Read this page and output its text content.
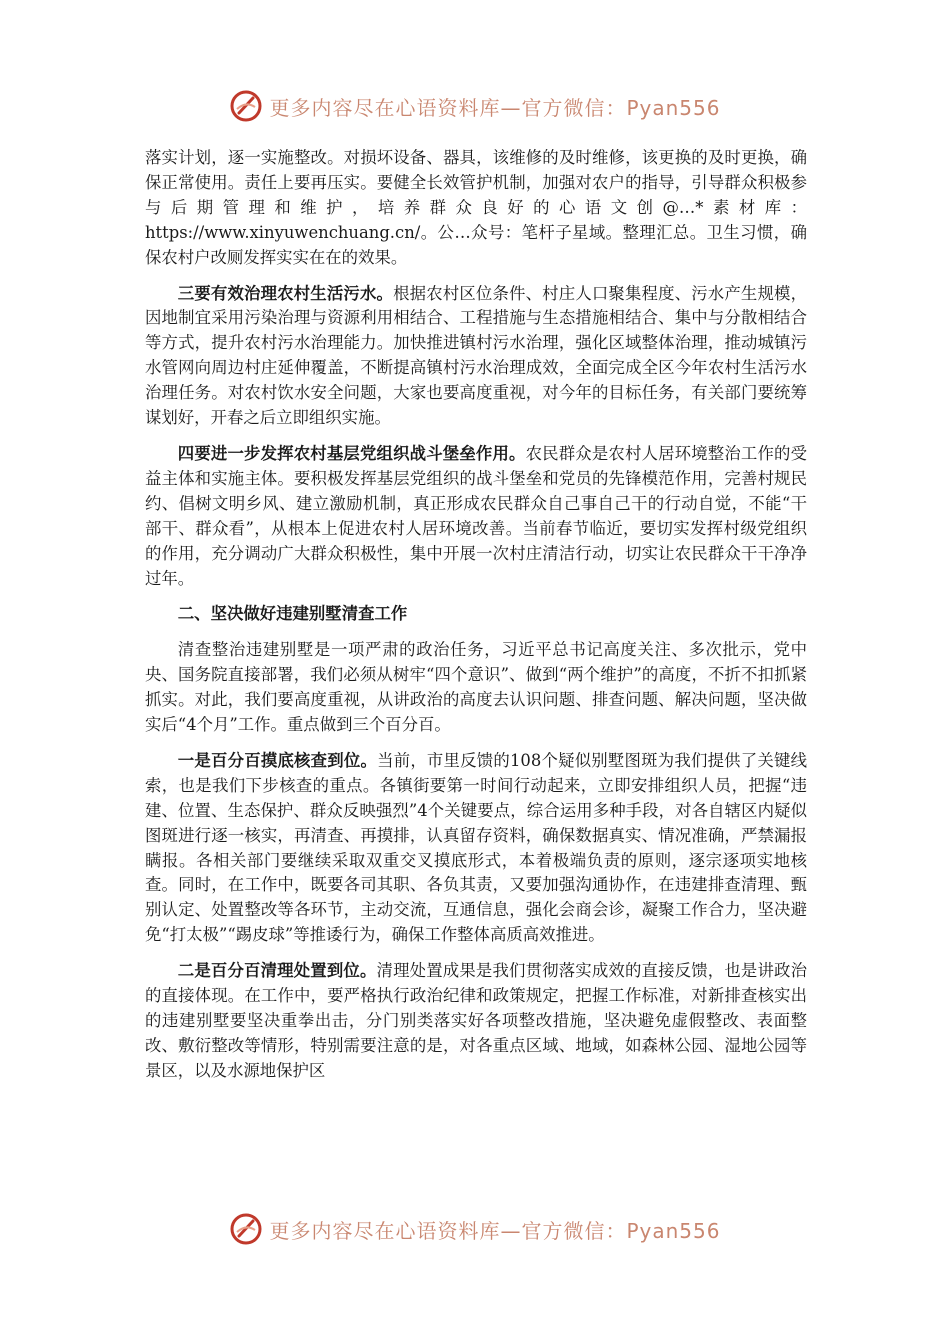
更多内容尽在心语资料库—官方微信：Pyan556

落实计划，逐一实施整改。对损坏设备、器具，该维修的及时维修，该更换的及时更换，确保正常使用。责任上要再压实。要健全长效管护机制，加强对农户的指导，引导群众积极参与后期管理和维护，培养群众良好的心语文创@…*素材库：https://www.xinyuwenchuang.cn/。公…众号：笔杆子星域。整理汇总。卫生习惯，确保农村户改厕发挥实实在在的效果。

三要有效治理农村生活污水。根据农村区位条件、村庄人口聚集程度、污水产生规模，因地制宜采用污染治理与资源利用相结合、工程措施与生态措施相结合、集中与分散相结合等方式，提升农村污水治理能力。加快推进镇村污水治理，强化区域整体治理，推动城镇污水管网向周边村庄延伸覆盖，不断提高镇村污水治理成效，全面完成全区今年农村生活污水治理任务。对农村饮水安全问题，大家也要高度重视，对今年的目标任务，有关部门要统筹谋划好，开春之后立即组织实施。

四要进一步发挥农村基层党组织战斗堡垒作用。农民群众是农村人居环境整治工作的受益主体和实施主体。要积极发挥基层党组织的战斗堡垒和党员的先锋模范作用，完善村规民约、倡树文明乡风、建立激励机制，真正形成农民群众自己事自己干的行动自觉，不能“干部干、群众看”，从根本上促进农村人居环境改善。当前春节临近，要切实发挥村级党组织的作用，充分调动广大群众积极性，集中开展一次村庄清洁行动，切实让农民群众干干净净过年。

二、坚决做好违建别墅清查工作

清查整治违建别墅是一项严肃的政治任务，习近平总书记高度关注、多次批示，党中央、国务院直接部署，我们必须从树牢“四个意识”、做到“两个维护”的高度，不折不扣抓紧抓实。对此，我们要高度重视，从讲政治的高度去认识问题、排查问题、解决问题，坚决做实后“4个月”工作。重点做到三个百分百。

一是百分百摸底核查到位。当前，市里反馈的108个疑似别墅图斑为我们提供了关键线索，也是我们下步核查的重点。各镇街要第一时间行动起来，立即安排组织人员，把握“违建、位置、生态保护、群众反映强烈”4个关键要点，综合运用多种手段，对各自辖区内疑似图斑进行逐一核实，再清查、再摸排，认真留存资料，确保数据真实、情况准确，严禁漏报瞒报。各相关部门要继续采取双重交叉摸底形式，本着极端负责的原则，逐宗逐项实地核查。同时，在工作中，既要各司其职、各负其责，又要加强沟通协作，在违建排查清理、甄别认定、处置整改等各环节，主动交流，互通信息，强化会商会诊，凝聚工作合力，坚决避免“打太极”“踢皮球”等推诿行为，确保工作整体高质高效推进。

二是百分百清理处置到位。清理处置成果是我们贯彻落实成效的直接反馈，也是讲政治的直接体现。在工作中，要严格执行政治纪律和政策规定，把握工作标准，对新排查核实出的违建别墅要坚决重拳出击，分门别类落实好各项整改措施，坚决避免虚假整改、表面整改、敷衍整改等情形，特别需要注意的是，对各重点区域、地域，如森林公园、湿地公园等景区，以及水源地保护区

更多内容尽在心语资料库—官方微信：Pyan556
